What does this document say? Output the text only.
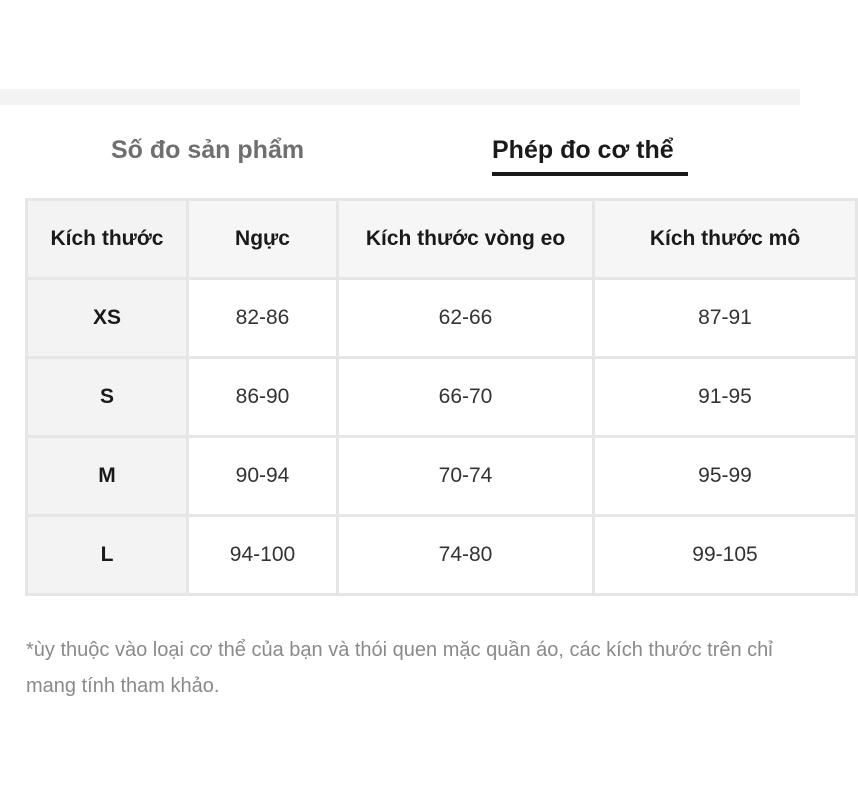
Số đo sản phẩm	Phép đo cơ thể
Kích thước	Ngực	Kích thước vòng eo	Kích thước mô
XS	82-86	62-66	87-91
S	86-90	66-70	91-95
M	90-94	70-74	95-99
L	94-100	74-80	99-105
*ùy thuộc vào loại cơ thể của bạn và thói quen mặc quần áo, các kích thước trên chỉ mang tính tham khảo.
